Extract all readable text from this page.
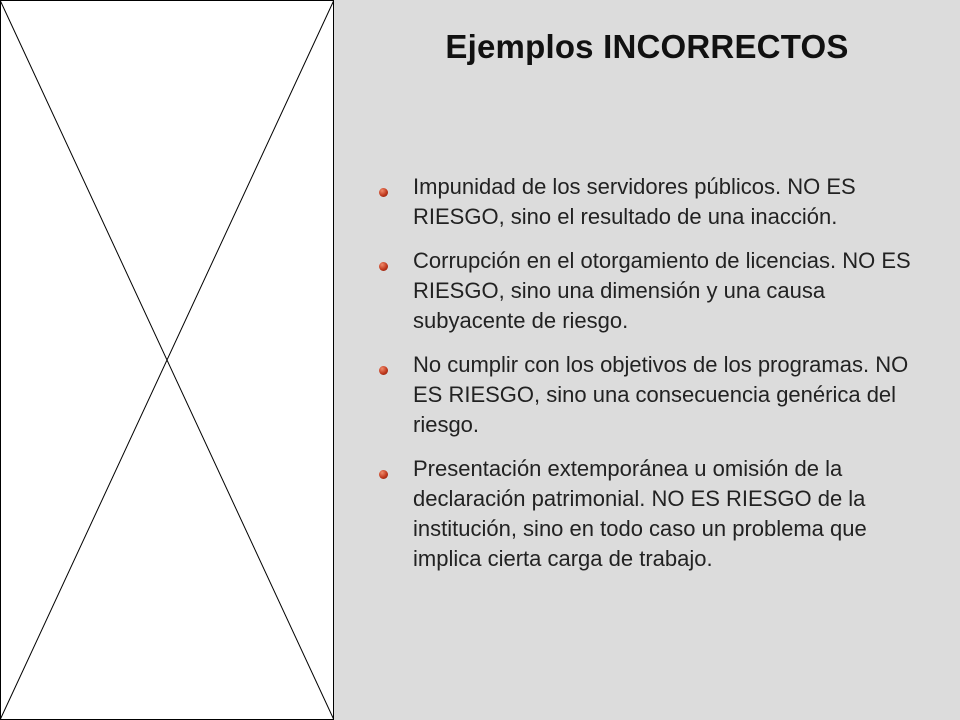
Ejemplos INCORRECTOS
Impunidad de los servidores públicos. NO ES RIESGO, sino el resultado de una inacción.
Corrupción en el otorgamiento de licencias. NO ES RIESGO, sino una dimensión y una causa subyacente de riesgo.
No cumplir con los objetivos de los programas. NO ES RIESGO, sino una consecuencia genérica del riesgo.
Presentación extemporánea u omisión de la declaración patrimonial. NO ES RIESGO de la institución, sino en todo caso un problema que implica cierta carga de trabajo.
